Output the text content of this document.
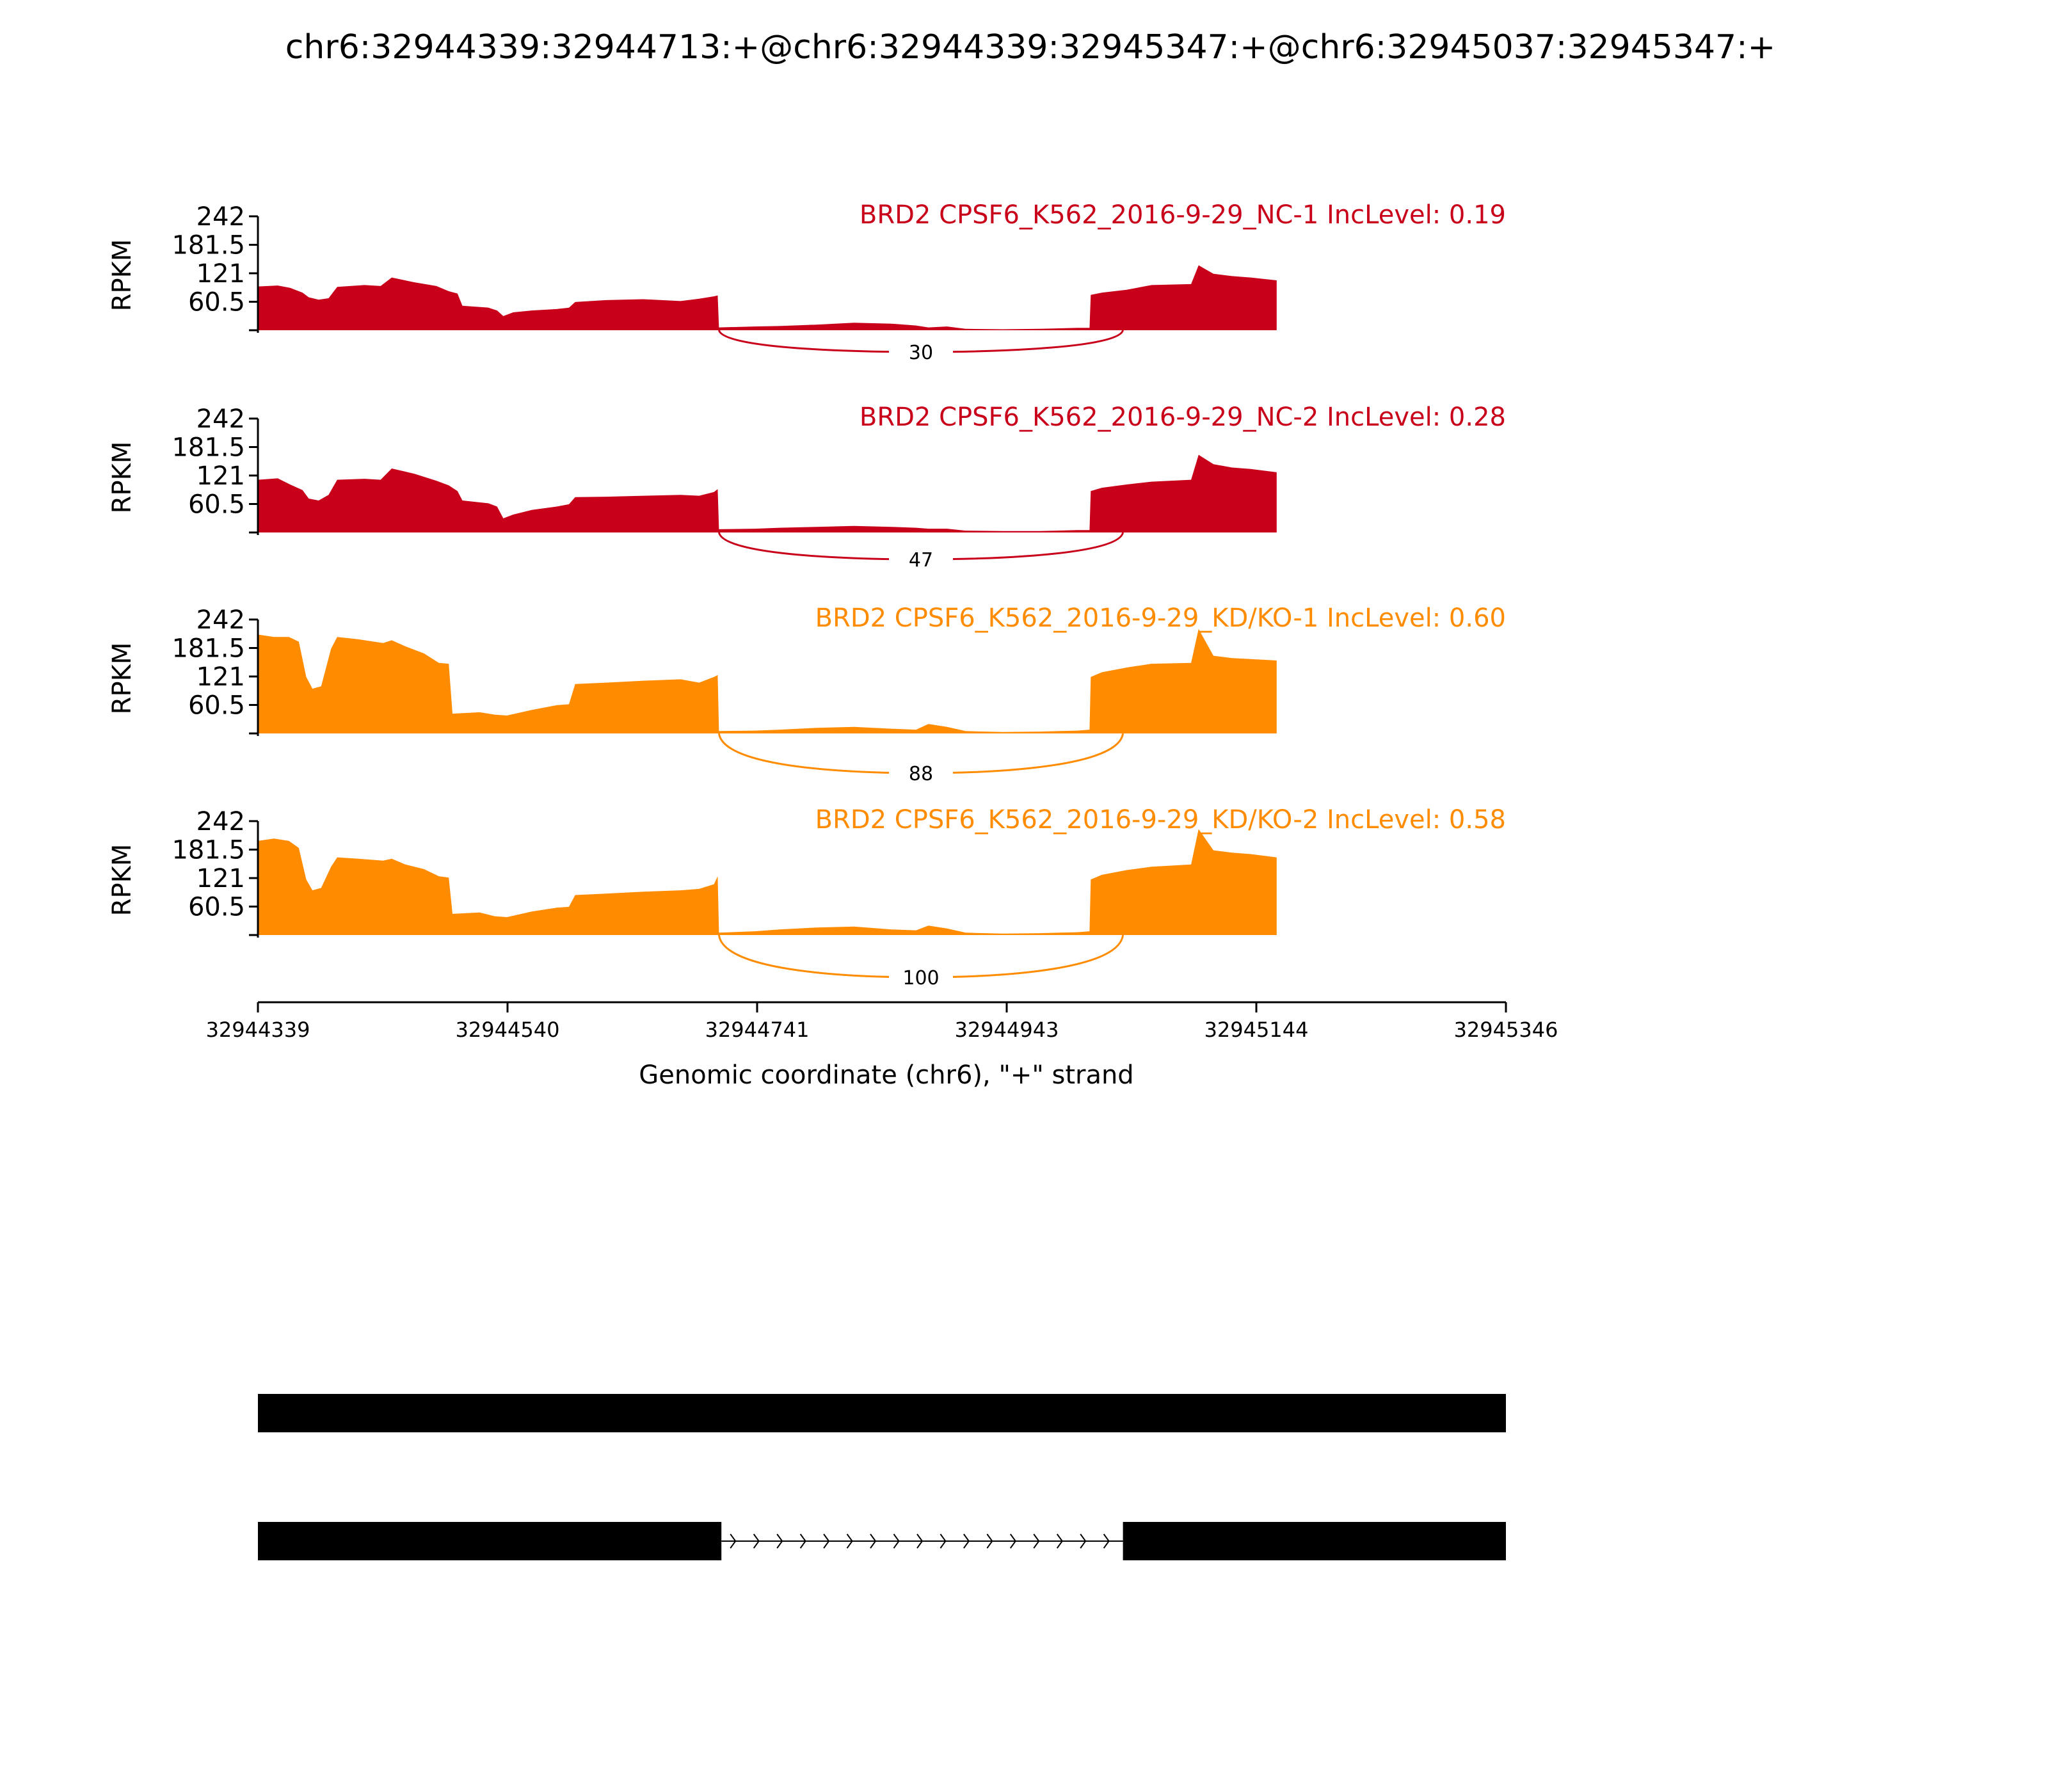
chr6:32944339:32944713:+@chr6:32944339:32945347:+@chr6:32945037:32945347:+
242
181.5
121
60.5
RPKM
BRD2 CPSF6_K562_2016-9-29_NC-1 IncLevel: 0.19
30
242
181.5
121
60.5
RPKM
BRD2 CPSF6_K562_2016-9-29_NC-2 IncLevel: 0.28
47
242
181.5
121
60.5
RPKM
BRD2 CPSF6_K562_2016-9-29_KD/KO-1 IncLevel: 0.60
88
242
181.5
121
60.5
RPKM
BRD2 CPSF6_K562_2016-9-29_KD/KO-2 IncLevel: 0.58
100
32944339	32944540	32944741	32944943	32945144	32945346
Genomic coordinate (chr6), "+" strand
